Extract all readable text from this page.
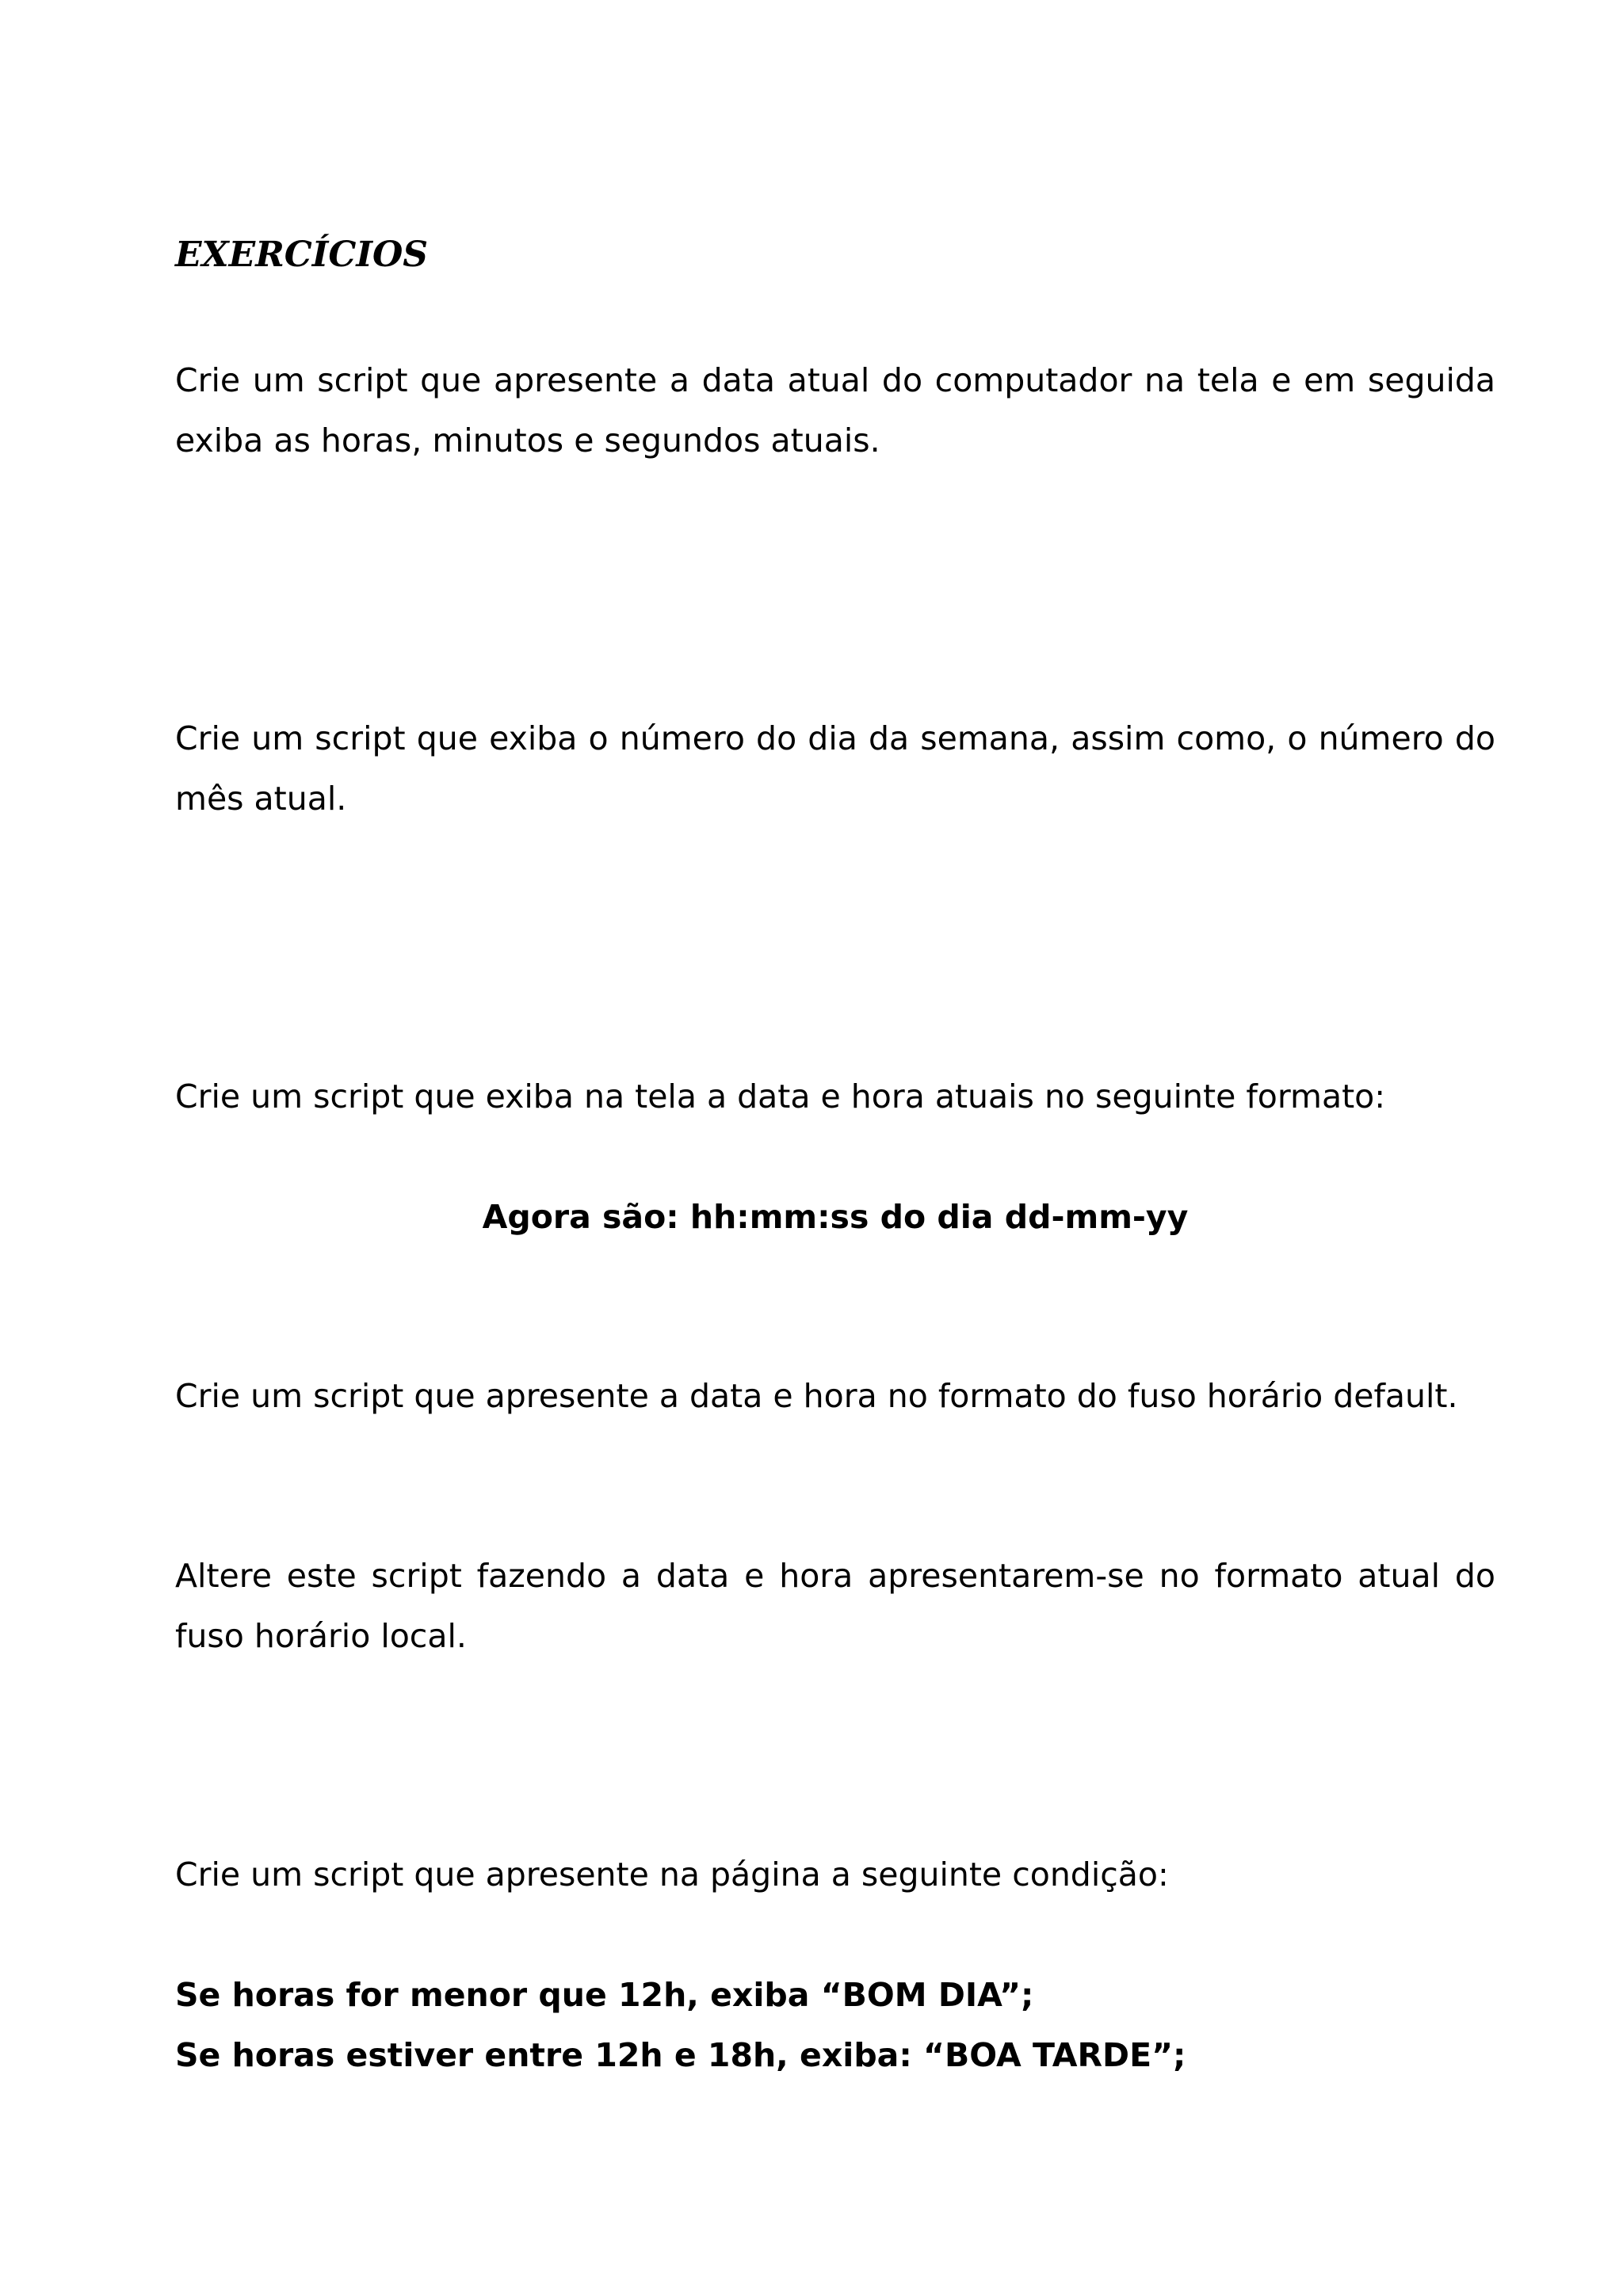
EXERCÍCIOS

Crie um script que apresente a data atual do computador na tela e em seguida exiba as horas, minutos e segundos atuais.

Crie um script que exiba o número do dia da semana, assim como, o número do mês atual.

Crie um script que exiba na tela a data e hora atuais no seguinte formato:

Agora são: hh:mm:ss do dia dd-mm-yy

Crie um script que apresente a data e hora no formato do fuso horário default.

Altere este script fazendo a data e hora apresentarem-se no formato atual do fuso horário local.

Crie um script que apresente na página a seguinte condição:

Se horas for menor que 12h, exiba “BOM DIA”;

Se horas estiver entre 12h e 18h, exiba: “BOA TARDE”;
